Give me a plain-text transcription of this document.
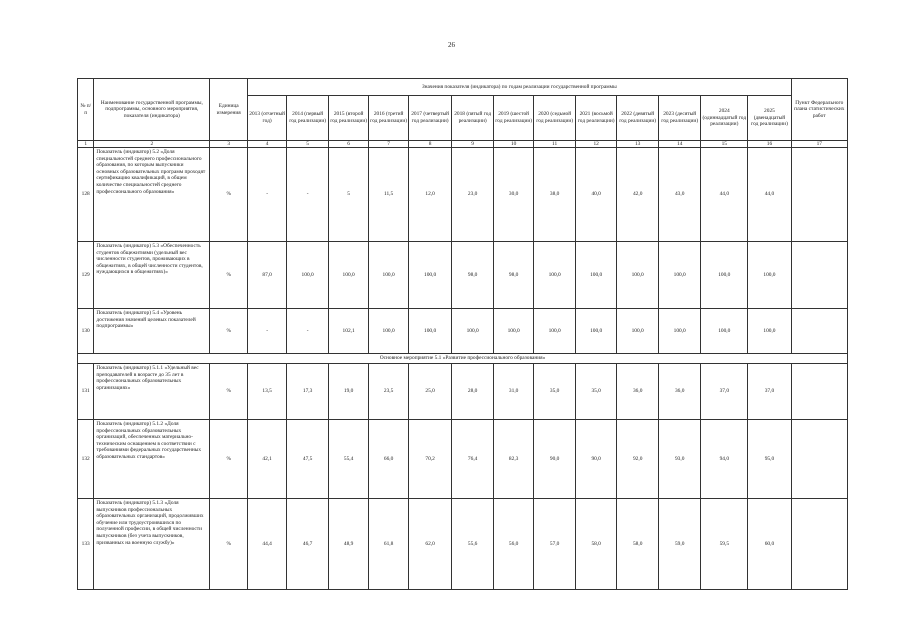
26
№ п/п	Наименование государственной программы, подпрограммы, основного мероприятия, показателя (индикатора)	Единица измерения	Значения показателя (индикатора) по годам реализации государственной программы													Пункт Федерального плана статистических работ
			2013 (отчетный год)	2014 (первый год реализации)	2015 (второй год реализации)	2016 (третий год реализации)	2017 (четвертый год реализации)	2018 (пятый год реализации)	2019 (шестой год реализации)	2020 (седьмой год реализации)	2021 (восьмой год реализации)	2022 (девятый год реализации)	2023 (десятый год реализации)	2024 (одиннадцатый год реализации)	2025 (двенадцатый год реализации)	
1	2	3	4	5	6	7	8	9	10	11	12	13	14	15	16	17
128	Показатель (индикатор) 5.2 «Доля специальностей среднего профессионального образования, по которым выпускники основных образовательных программ проходят сертификацию квалификаций, в общем количестве специальностей среднего профессионального образования»	%	-	-	5	11,5	12,0	23,0	30,0	38,0	40,0	42,0	43,0	44,0	44,0	
129	Показатель (индикатор) 5.3 «Обеспеченность студентов общежитиями (удельный вес численности студентов, проживающих в общежитиях, в общей численности студентов, нуждающихся в общежитиях)»	%	87,0	100,0	100,0	100,0	100,0	98,0	98,0	100,0	100,0	100,0	100,0	100,0	100,0	
130	Показатель (индикатор) 5.4 «Уровень достижения значений целевых показателей подпрограммы»	%	-	-	102,1	100,0	100,0	100,0	100,0	100,0	100,0	100,0	100,0	100,0	100,0	
Основное мероприятие 5.1 «Развитие профессионального образования»																
131	Показатель (индикатор) 5.1.1 «Удельный вес преподавателей в возрасте до 35 лет в профессиональных образовательных организациях»	%	13,5	17,3	19,0	23,5	25,0	28,0	31,0	35,0	35,0	36,0	36,0	37,0	37,0	
132	Показатель (индикатор) 5.1.2 «Доля профессиональных образовательных организаций, обеспеченных материально-техническим оснащением в соответствии с требованиями федеральных государственных образовательных стандартов»	%	42,1	47,5	55,4	66,0	70,2	76,4	82,3	90,0	90,0	92,0	93,0	94,0	95,0	
133	Показатель (индикатор) 5.1.3 «Доля выпускников профессиональных образовательных организаций, продолживших обучение или трудоустроившихся по полученной профессии, в общей численности выпускников (без учета выпускников, призванных на военную службу)»	%	44,4	46,7	48,9	61,8	62,0	55,6	56,0	57,0	58,0	58,0	59,0	59,5	60,0	
